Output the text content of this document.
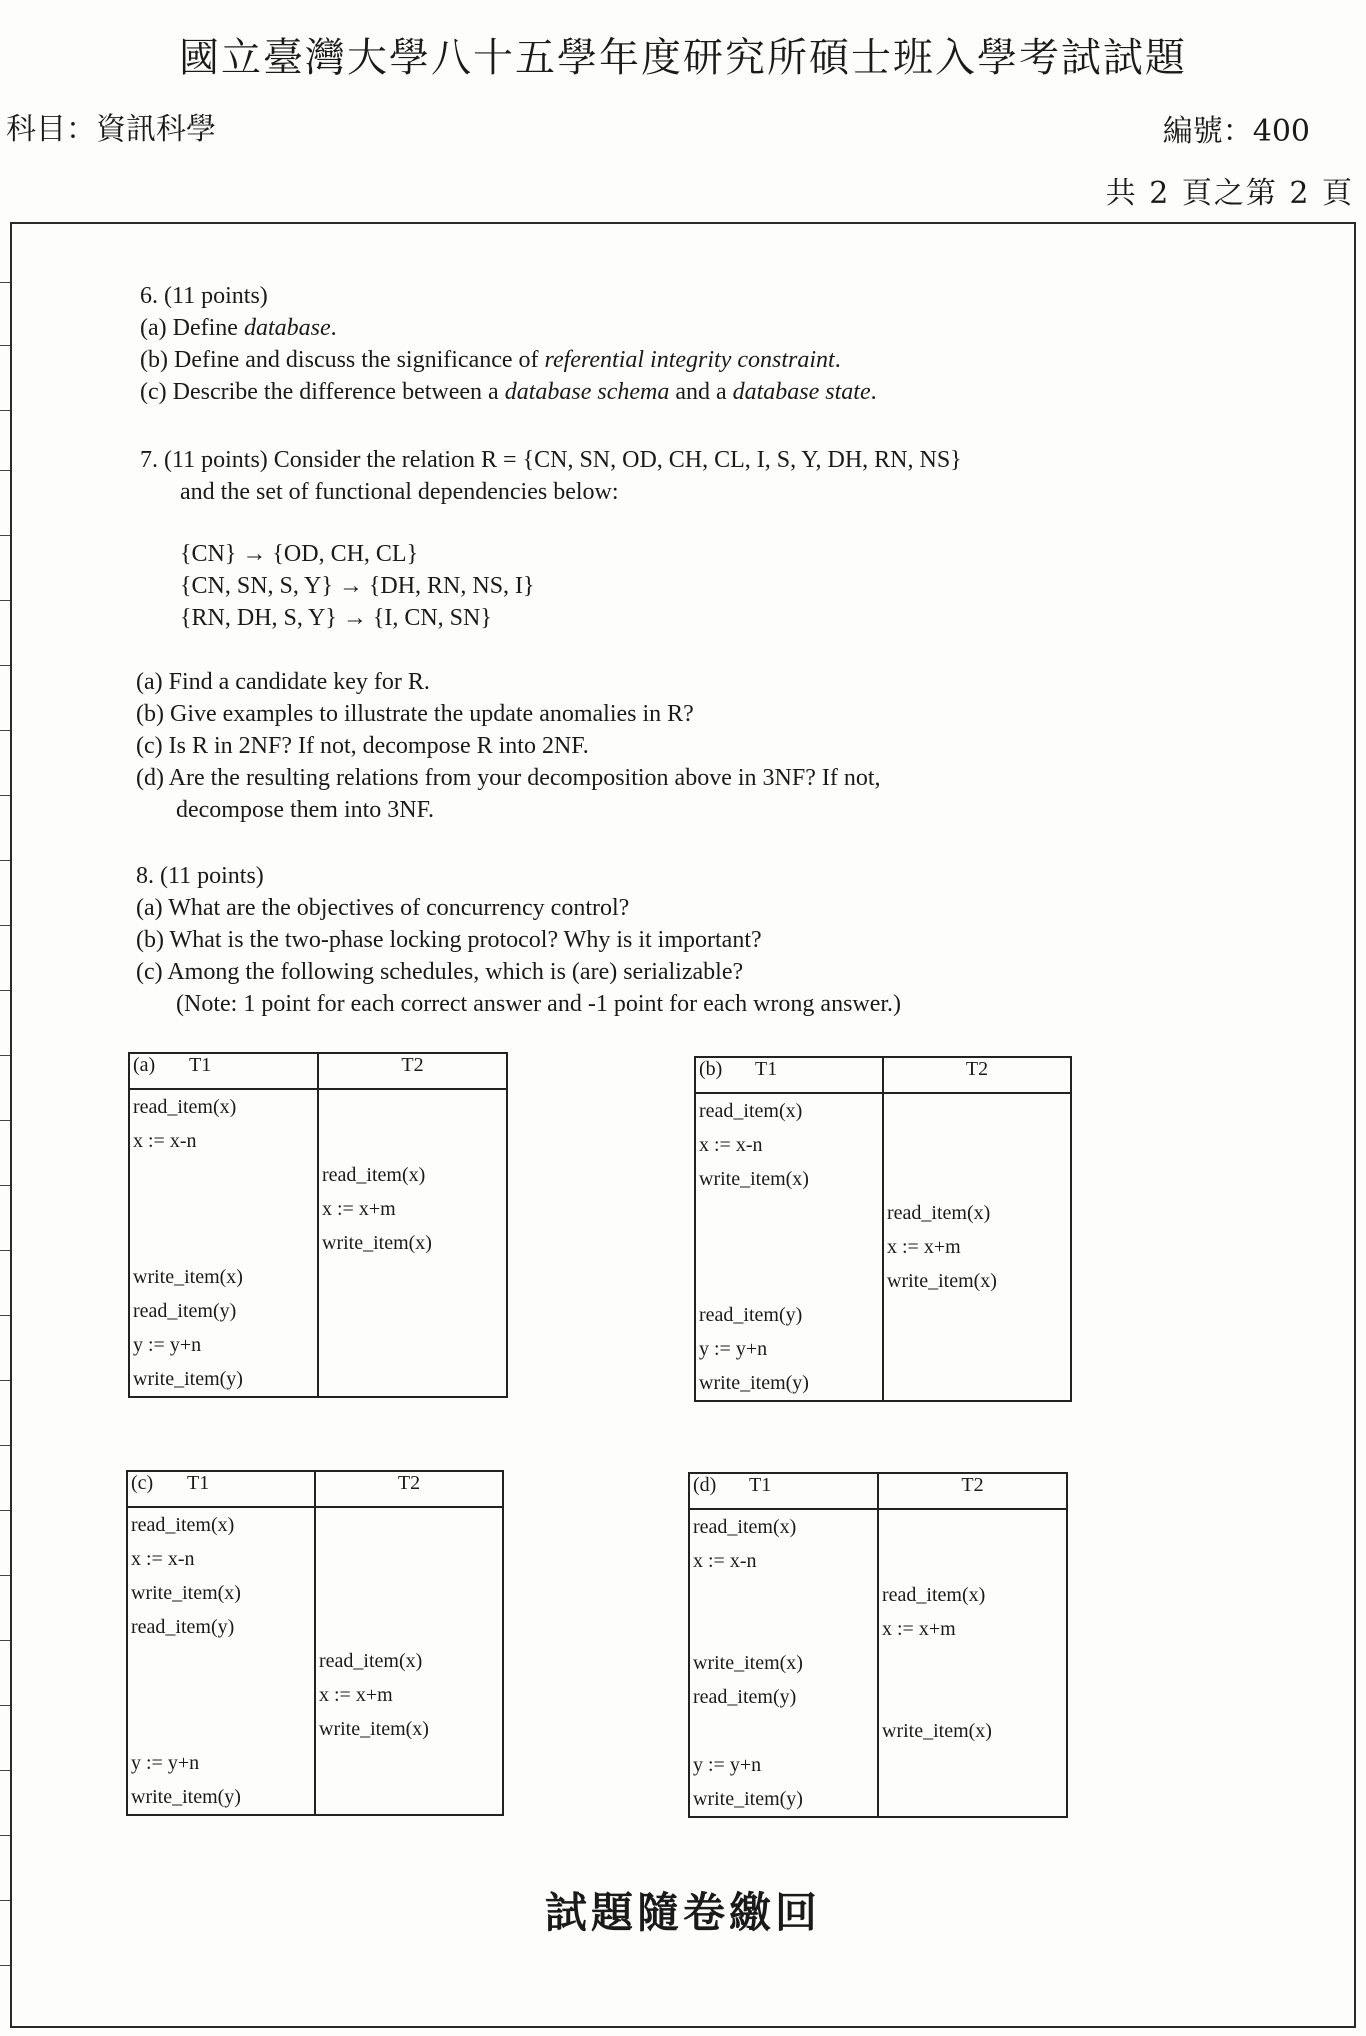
國立臺灣大學八十五學年度研究所碩士班入學考試試題
科目：資訊科學	編號：400
共 2 頁之第 2 頁
6. (11 points)
(a) Define database.
(b) Define and discuss the significance of referential integrity constraint.
(c) Describe the difference between a database schema and a database state.
7. (11 points) Consider the relation R = {CN, SN, OD, CH, CL, I, S, Y, DH, RN, NS}
and the set of functional dependencies below:
{CN} → {OD, CH, CL}
{CN, SN, S, Y} → {DH, RN, NS, I}
{RN, DH, S, Y} → {I, CN, SN}
(a) Find a candidate key for R.
(b) Give examples to illustrate the update anomalies in R?
(c) Is R in 2NF? If not, decompose R into 2NF.
(d) Are the resulting relations from your decomposition above in 3NF? If not,
decompose them into 3NF.
8. (11 points)
(a) What are the objectives of concurrency control?
(b) What is the two-phase locking protocol? Why is it important?
(c) Among the following schedules, which is (are) serializable?
(Note: 1 point for each correct answer and -1 point for each wrong answer.)
(a) T1	T2
read_item(x)	
x := x-n	
	read_item(x)
	x := x+m
	write_item(x)
write_item(x)	
read_item(y)	
y := y+n	
write_item(y)	
(b) T1	T2
read_item(x)	
x := x-n	
write_item(x)	
	read_item(x)
	x := x+m
	write_item(x)
read_item(y)	
y := y+n	
write_item(y)	
(c) T1	T2
read_item(x)	
x := x-n	
write_item(x)	
read_item(y)	
	read_item(x)
	x := x+m
	write_item(x)
y := y+n	
write_item(y)	
(d) T1	T2
read_item(x)	
x := x-n	
	read_item(x)
	x := x+m
write_item(x)	
read_item(y)	
	write_item(x)
y := y+n	
write_item(y)	
試題隨卷繳回
